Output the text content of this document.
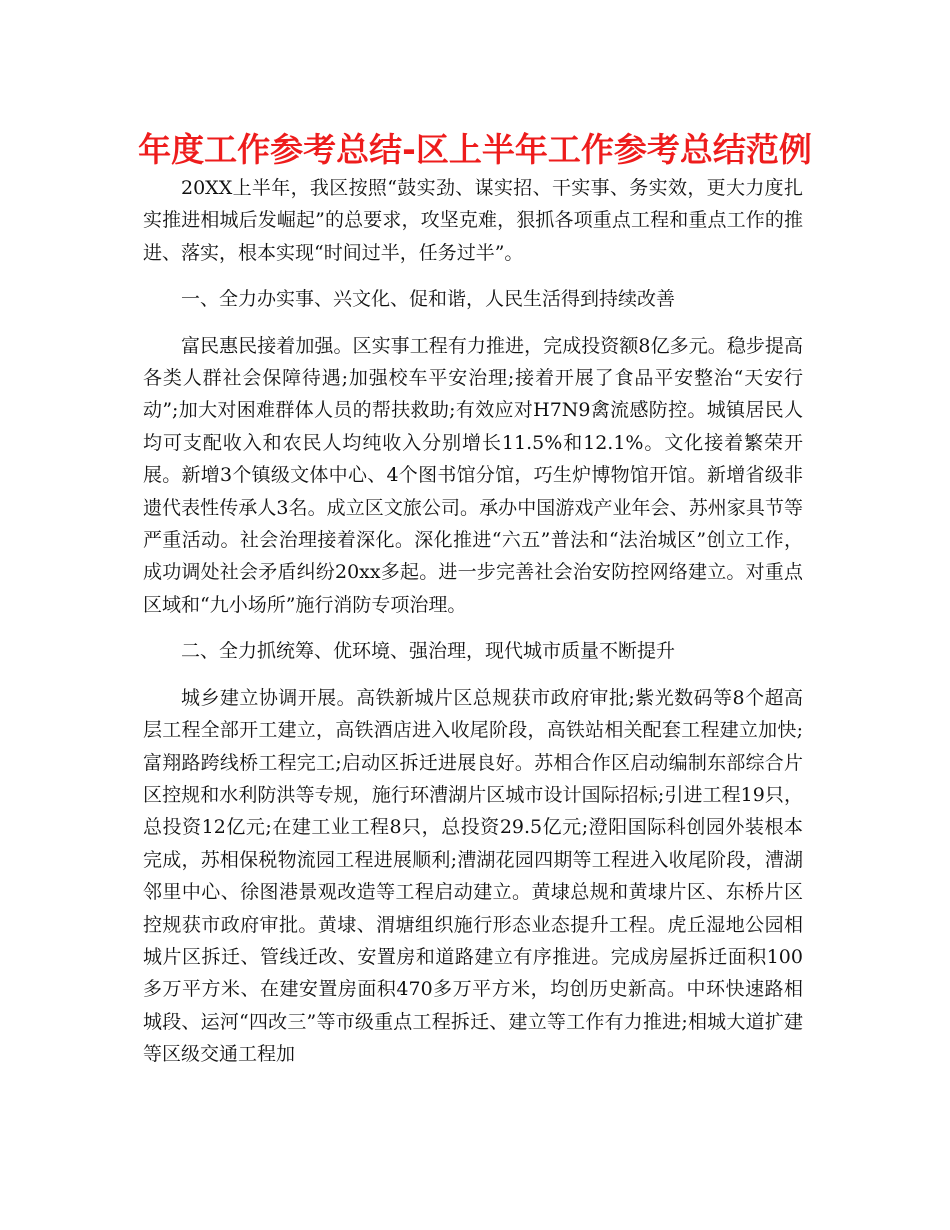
年度工作参考总结-区上半年工作参考总结范例

20XX上半年，我区按照“鼓实劲、谋实招、干实事、务实效，更大力度扎实推进相城后发崛起”的总要求，攻坚克难，狠抓各项重点工程和重点工作的推进、落实，根本实现“时间过半，任务过半”。

一、全力办实事、兴文化、促和谐，人民生活得到持续改善

富民惠民接着加强。区实事工程有力推进，完成投资额8亿多元。稳步提高各类人群社会保障待遇;加强校车平安治理;接着开展了食品平安整治“天安行动”;加大对困难群体人员的帮扶救助;有效应对H7N9禽流感防控。城镇居民人均可支配收入和农民人均纯收入分别增长11.5%和12.1%。文化接着繁荣开展。新增3个镇级文体中心、4个图书馆分馆，巧生炉博物馆开馆。新增省级非遗代表性传承人3名。成立区文旅公司。承办中国游戏产业年会、苏州家具节等严重活动。社会治理接着深化。深化推进“六五”普法和“法治城区”创立工作，成功调处社会矛盾纠纷20xx多起。进一步完善社会治安防控网络建立。对重点区域和“九小场所”施行消防专项治理。

二、全力抓统筹、优环境、强治理，现代城市质量不断提升

城乡建立协调开展。高铁新城片区总规获市政府审批;紫光数码等8个超高层工程全部开工建立，高铁酒店进入收尾阶段，高铁站相关配套工程建立加快;富翔路跨线桥工程完工;启动区拆迁进展良好。苏相合作区启动编制东部综合片区控规和水利防洪等专规，施行环漕湖片区城市设计国际招标;引进工程19只，总投资12亿元;在建工业工程8只，总投资29.5亿元;澄阳国际科创园外装根本完成，苏相保税物流园工程进展顺利;漕湖花园四期等工程进入收尾阶段，漕湖邻里中心、徐图港景观改造等工程启动建立。黄埭总规和黄埭片区、东桥片区控规获市政府审批。黄埭、渭塘组织施行形态业态提升工程。虎丘湿地公园相城片区拆迁、管线迁改、安置房和道路建立有序推进。完成房屋拆迁面积100多万平方米、在建安置房面积470多万平方米，均创历史新高。中环快速路相城段、运河“四改三”等市级重点工程拆迁、建立等工作有力推进;相城大道扩建等区级交通工程加
